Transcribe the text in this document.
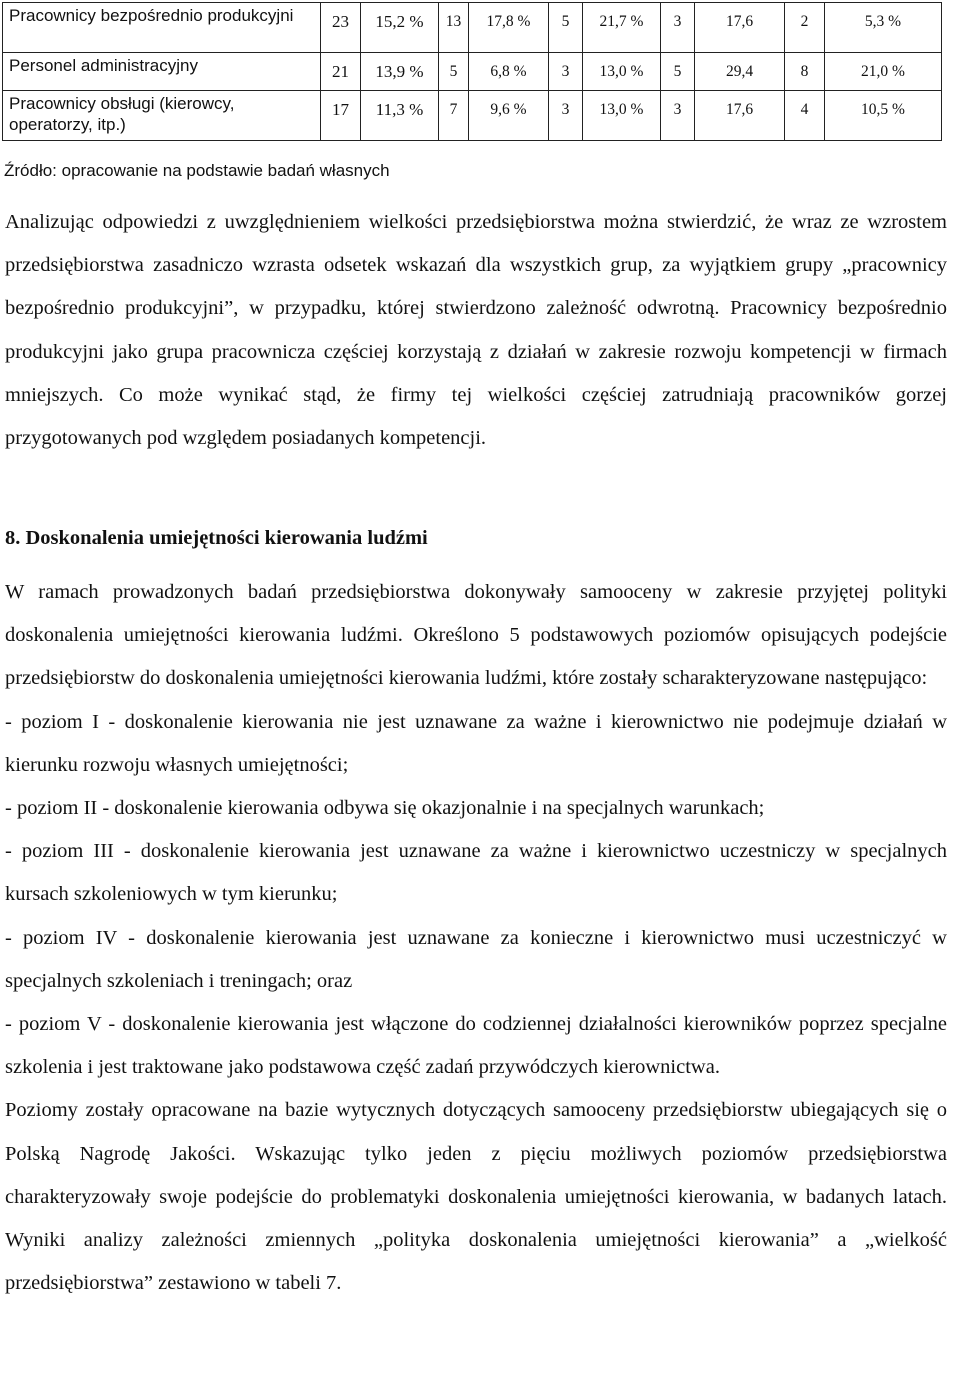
Pracownicy bezpośrednio produkcyjni	23	15,2 %	13	17,8 %	5	21,7 %	3	17,6	2	5,3 %
Personel administracyjny	21	13,9 %	5	6,8 %	3	13,0 %	5	29,4	8	21,0 %
Pracownicy obsługi (kierowcy, operatorzy, itp.)	17	11,3 %	7	9,6 %	3	13,0 %	3	17,6	4	10,5 %
Źródło: opracowanie na podstawie badań własnych

Analizując odpowiedzi z uwzględnieniem wielkości przedsiębiorstwa można stwierdzić, że wraz ze wzrostem przedsiębiorstwa zasadniczo wzrasta odsetek wskazań dla wszystkich grup, za wyjątkiem grupy „pracownicy bezpośrednio produkcyjni”, w przypadku, której stwierdzono zależność odwrotną. Pracownicy bezpośrednio produkcyjni jako grupa pracownicza częściej korzystają z działań w zakresie rozwoju kompetencji w firmach mniejszych. Co może wynikać stąd, że firmy tej wielkości częściej zatrudniają pracowników gorzej przygotowanych pod względem posiadanych kompetencji.

8. Doskonalenia umiejętności kierowania ludźmi
W ramach prowadzonych badań przedsiębiorstwa dokonywały samooceny w zakresie przyjętej polityki doskonalenia umiejętności kierowania ludźmi. Określono 5 podstawowych poziomów opisujących podejście przedsiębiorstw do doskonalenia umiejętności kierowania ludźmi, które zostały scharakteryzowane następująco:
- poziom I - doskonalenie kierowania nie jest uznawane za ważne i kierownictwo nie podejmuje działań w kierunku rozwoju własnych umiejętności;
- poziom II - doskonalenie kierowania odbywa się okazjonalnie i na specjalnych warunkach;
- poziom III - doskonalenie kierowania jest uznawane za ważne i kierownictwo uczestniczy w specjalnych kursach szkoleniowych w tym kierunku;
- poziom IV - doskonalenie kierowania jest uznawane za konieczne i kierownictwo musi uczestniczyć w specjalnych szkoleniach i treningach; oraz
- poziom V - doskonalenie kierowania jest włączone do codziennej działalności kierowników poprzez specjalne szkolenia i jest traktowane jako podstawowa część zadań przywódczych kierownictwa.
Poziomy zostały opracowane na bazie wytycznych dotyczących samooceny przedsiębiorstw ubiegających się o Polską Nagrodę Jakości. Wskazując tylko jeden z pięciu możliwych poziomów przedsiębiorstwa charakteryzowały swoje podejście do problematyki doskonalenia umiejętności kierowania, w badanych latach. Wyniki analizy zależności zmiennych „polityka doskonalenia umiejętności kierowania” a „wielkość przedsiębiorstwa” zestawiono w tabeli 7.
